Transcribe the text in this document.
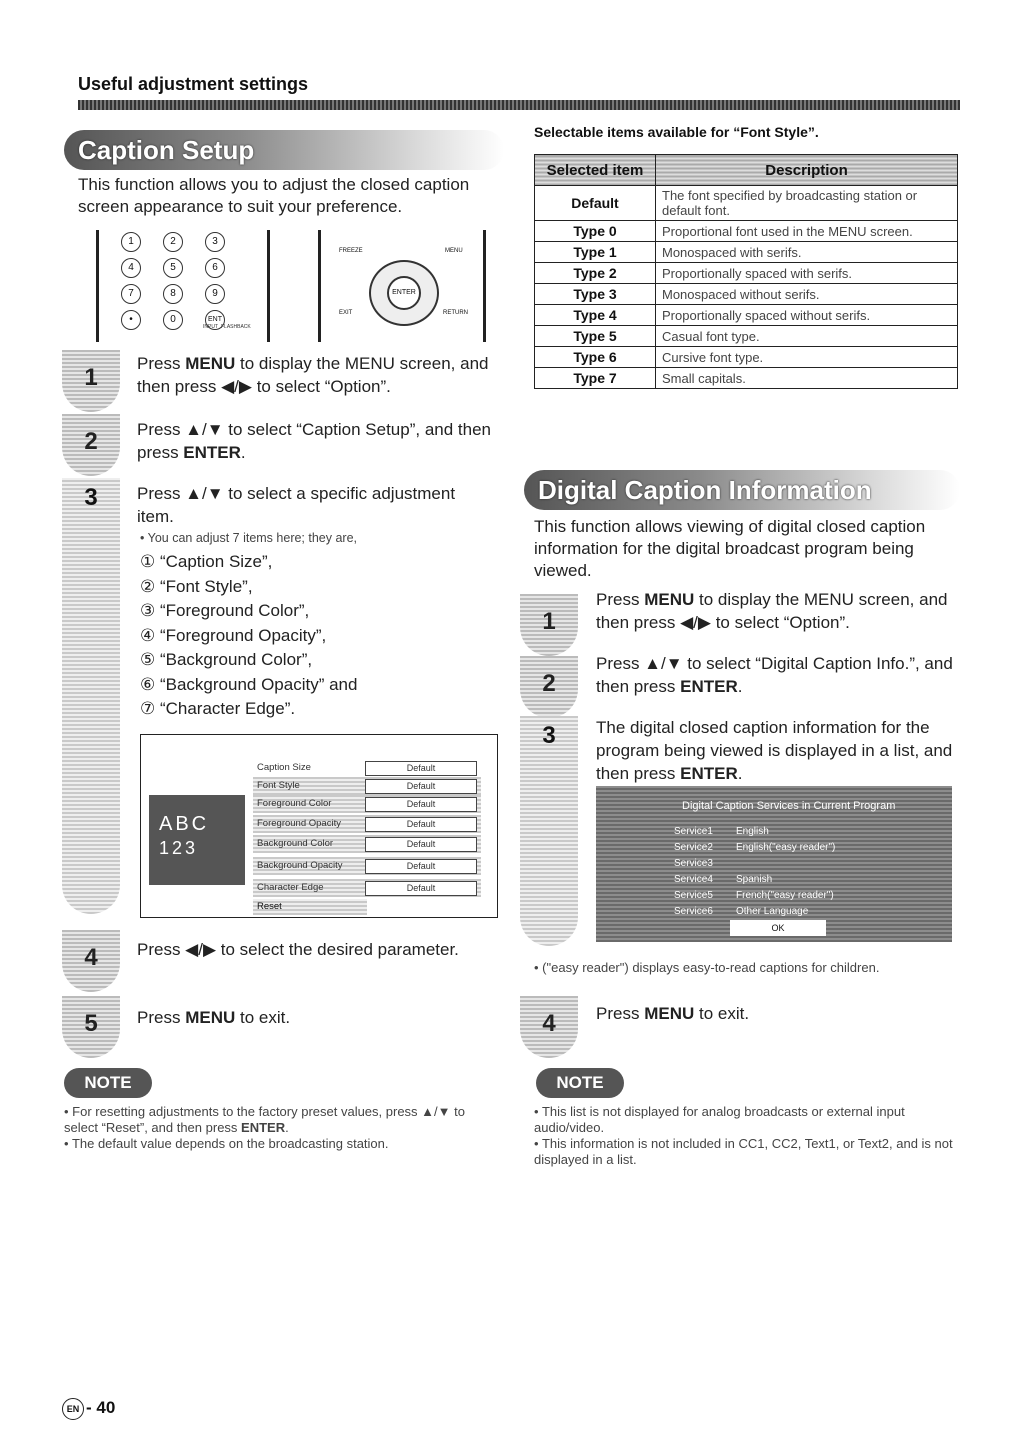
Useful adjustment settings
Caption Setup
This function allows you to adjust the closed caption screen appearance to suit your preference.
1	2	3
4	5	6
7	8	9
•	0	ENT
INPUT FLASHBACK
FREEZE	MENU
ENTER
EXIT	RETURN
1
Press MENU to display the MENU screen, and then press ◀/▶ to select “Option”.
2	Press ▲/▼ to select “Caption Setup”, and then press ENTER.
3	Press ▲/▼ to select a specific adjustment item.
• You can adjust 7 items here; they are,
① “Caption Size”,
② “Font Style”,
③ “Foreground Color”,
④ “Foreground Opacity”,
⑤ “Background Color”,
⑥ “Background Opacity” and
⑦ “Character Edge”.
ABC
123
Caption Size	Default
Font Style	Default
Foreground Color	Default
Foreground Opacity	Default
Background Color	Default
Background Opacity	Default
Character Edge	Default
Reset
4	Press ◀/▶ to select the desired parameter.
5	Press MENU to exit.
NOTE
• For resetting adjustments to the factory preset values, press ▲/▼ to select “Reset”, and then press ENTER.
• The default value depends on the broadcasting station.
Selectable items available for “Font Style”.
Selected item	Description
Default	The font specified by broadcasting station or default font.
Type 0	Proportional font used in the MENU screen.
Type 1	Monospaced with serifs.
Type 2	Proportionally spaced with serifs.
Type 3	Monospaced without serifs.
Type 4	Proportionally spaced without serifs.
Type 5	Casual font type.
Type 6	Cursive font type.
Type 7	Small capitals.
Digital Caption Information
This function allows viewing of digital closed caption information for the digital broadcast program being viewed.
1
Press MENU to display the MENU screen, and then press ◀/▶ to select “Option”.
2
Press ▲/▼ to select “Digital Caption Info.”, and then press ENTER.
3	The digital closed caption information for the program being viewed is displayed in a list, and then press ENTER.
Digital Caption Services in Current Program
Service1 English
Service2 English("easy reader")
Service3
Service4 Spanish
Service5 French("easy reader")
Service6 Other Language
OK
• ("easy reader") displays easy-to-read captions for children.
4	Press MENU to exit.
NOTE
• This list is not displayed for analog broadcasts or external input audio/video.
• This information is not included in CC1, CC2, Text1, or Text2, and is not displayed in a list.
EN - 40
